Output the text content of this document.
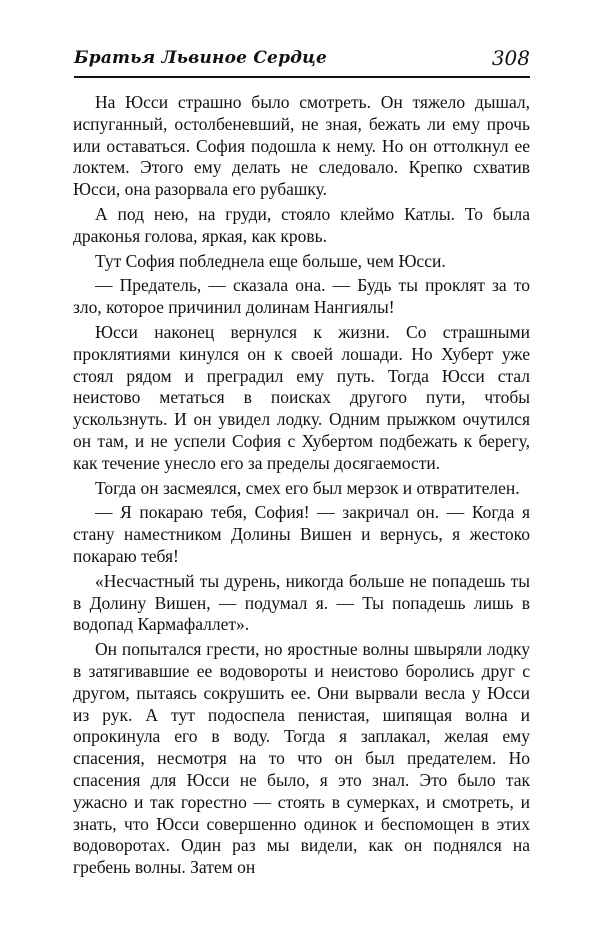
Братья Львиное Сердце	308

На Юсси страшно было смотреть. Он тяжело дышал, испуганный, остолбеневший, не зная, бежать ли ему прочь или оставаться. София подошла к нему. Но он оттолкнул ее локтем. Этого ему делать не следовало. Крепко схватив Юсси, она разорвала его рубашку.

А под нею, на груди, стояло клеймо Катлы. То была драконья голова, яркая, как кровь.

Тут София побледнела еще больше, чем Юсси.

— Предатель, — сказала она. — Будь ты проклят за то зло, которое причинил долинам Нангиялы!

Юсси наконец вернулся к жизни. Со страшными проклятиями кинулся он к своей лошади. Но Хуберт уже стоял рядом и преградил ему путь. Тогда Юсси стал неистово метаться в поисках другого пути, чтобы ускользнуть. И он увидел лодку. Одним прыжком очутился он там, и не успели София с Хубертом подбежать к берегу, как течение унесло его за пределы досягаемости.

Тогда он засмеялся, смех его был мерзок и отвратителен.

— Я покараю тебя, София! — закричал он. — Когда я стану наместником Долины Вишен и вернусь, я жестоко покараю тебя!

«Несчастный ты дурень, никогда больше не попадешь ты в Долину Вишен, — подумал я. — Ты попадешь лишь в водопад Кармафаллет».

Он попытался грести, но яростные волны швыряли лодку в затягивавшие ее водовороты и неистово боролись друг с другом, пытаясь сокрушить ее. Они вырвали весла у Юсси из рук. А тут подоспела пенистая, шипящая волна и опрокинула его в воду. Тогда я заплакал, желая ему спасения, несмотря на то что он был предателем. Но спасения для Юсси не было, я это знал. Это было так ужасно и так горестно — стоять в сумерках, и смотреть, и знать, что Юсси совершенно одинок и беспомощен в этих водоворотах. Один раз мы видели, как он поднялся на гребень волны. Затем он
